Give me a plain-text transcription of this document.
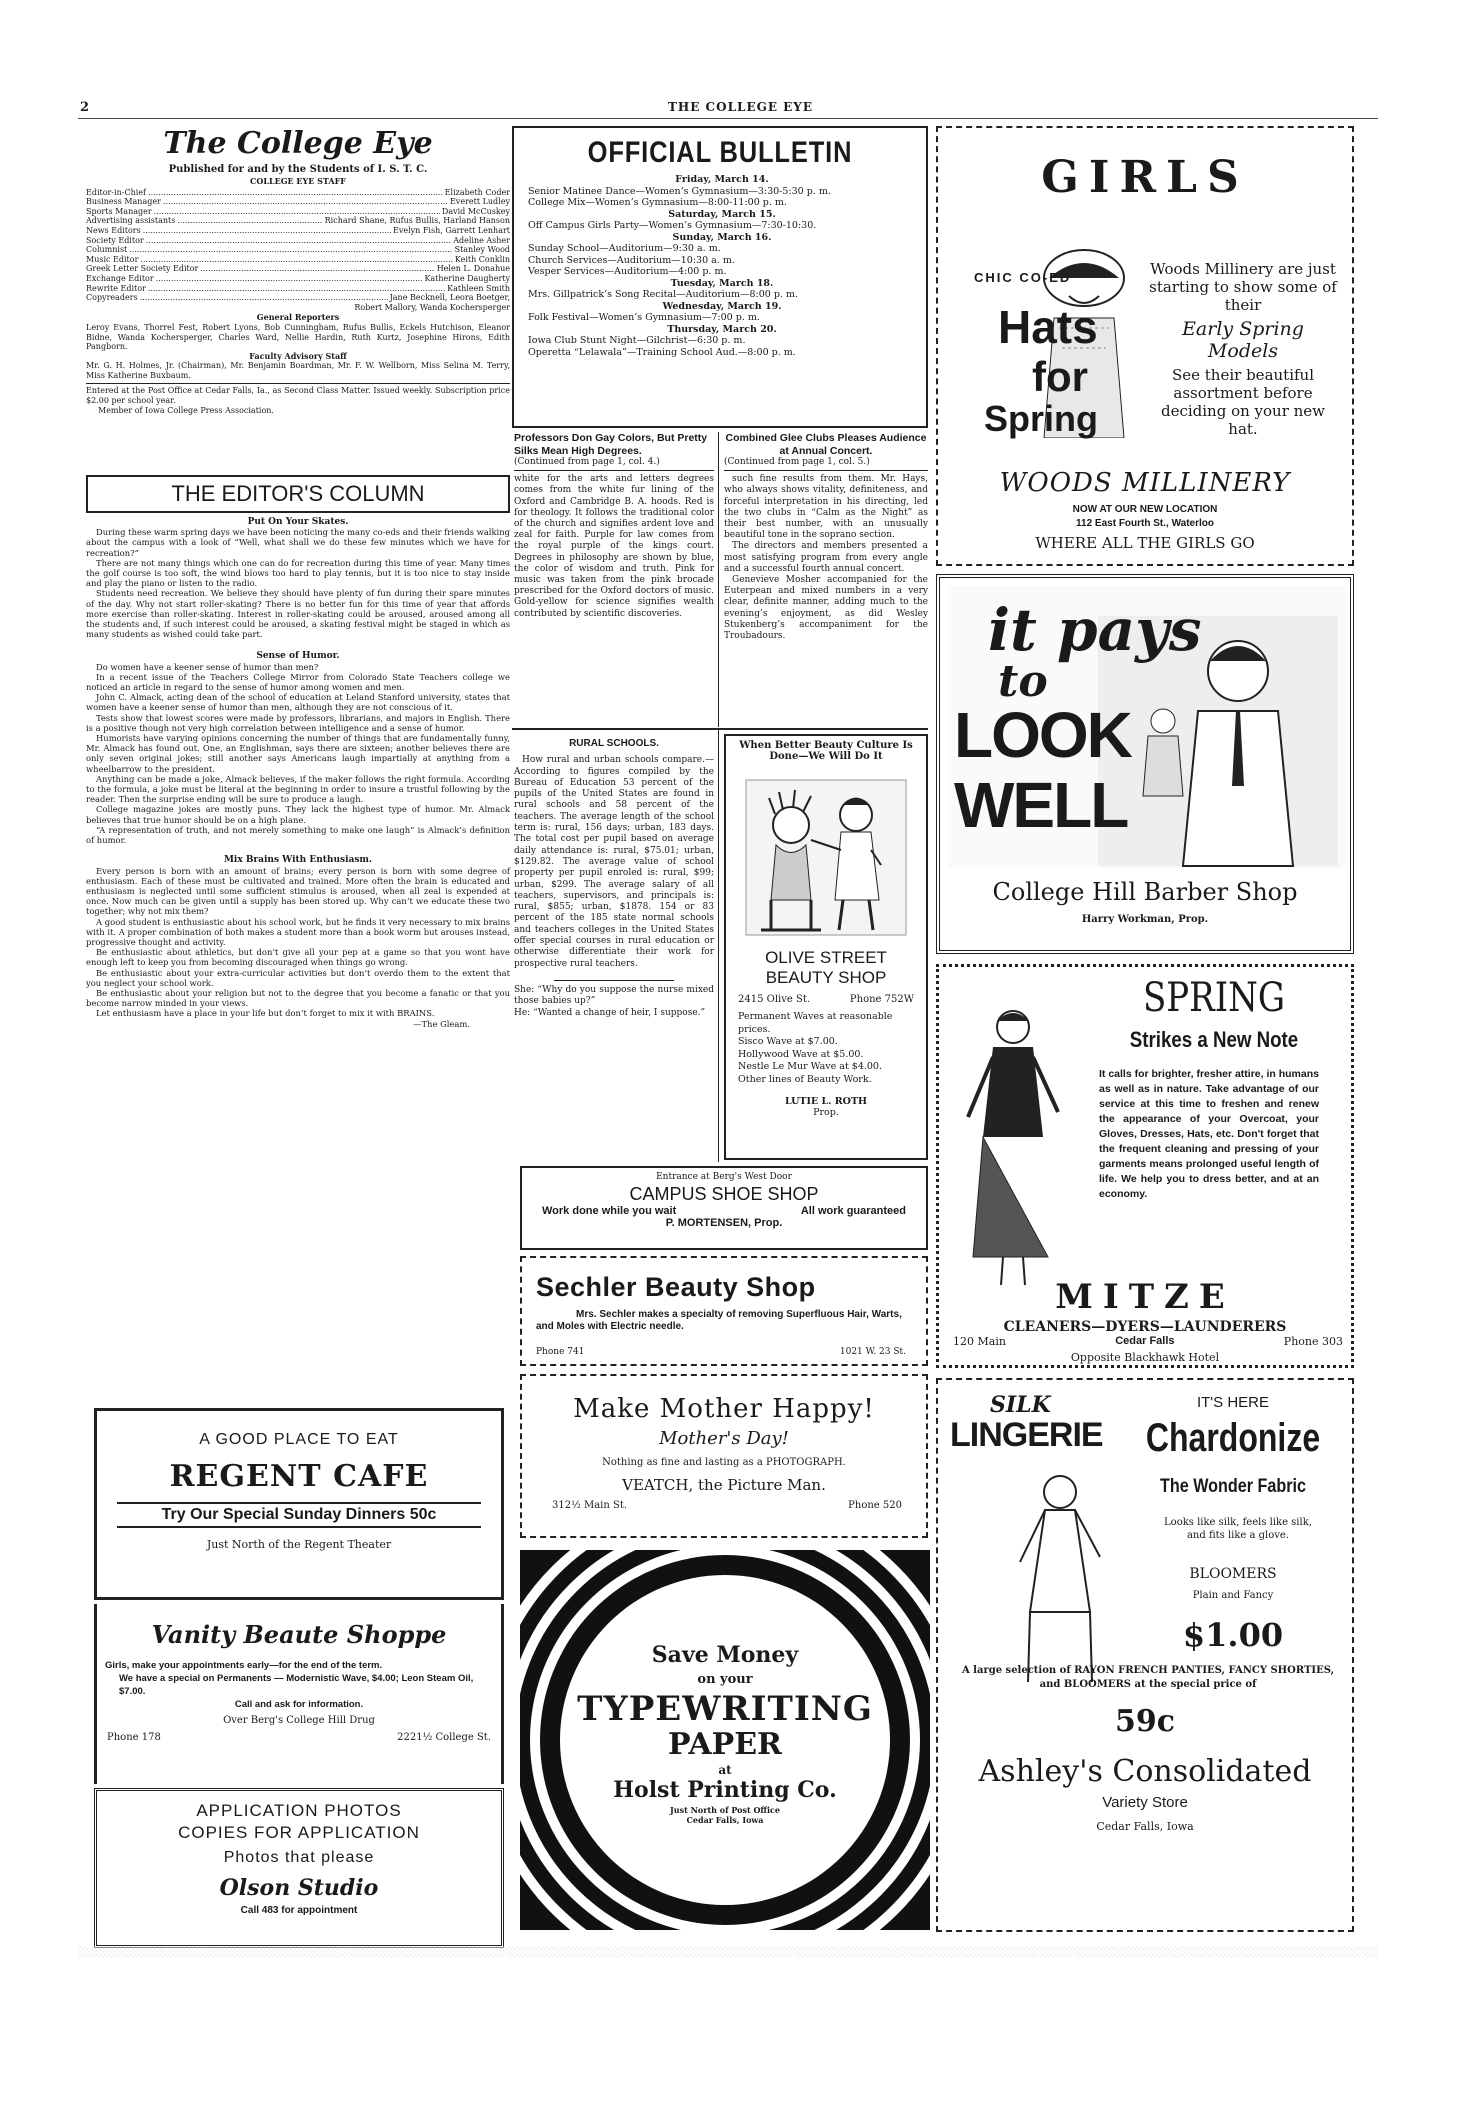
2	THE COLLEGE EYE
The College Eye
Published for and by the Students of I. S. T. C.
COLLEGE EYE STAFF
Editor-in-Chief .....	Elizabeth Coder
Business Manager .....	Everett Ludley
Sports Manager .....	David McCuskey
Advertising assistants .....	Richard Shane, Rufus Bullis, Harland Hanson
News Editors .....	Evelyn Fish, Garrett Lenhart
Society Editor .....	Adeline Asher
Columnist .....	Stanley Wood
Music Editor .....	Keith Conklin
Greek Letter Society Editor .....	Helen L. Donahue
Exchange Editor .....	Katherine Daugherty
Rewrite Editor .....	Kathleen Smith
Copyreaders .....	Jane Becknell, Leora Boetger,
Robert Mallory, Wanda Kochersperger
General Reporters
Leroy Evans, Thorrel Fest, Robert Lyons, Bob Cunningham, Rufus Bullis, Eckels Hutchison, Eleanor Bidne, Wanda Kochersperger, Charles Ward, Nellie Hardin, Ruth Kurtz, Josephine Hirons, Edith Pangborn.
Faculty Advisory Staff
Mr. G. H. Holmes, Jr. (Chairman), Mr. Benjamin Boardman, Mr. F. W. Wellborn, Miss Selina M. Terry, Miss Katherine Buxbaum.
Entered at the Post Office at Cedar Falls, Ia., as Second Class Matter. Issued weekly. Subscription price $2.00 per school year.
Member of Iowa College Press Association.
THE EDITOR'S COLUMN
Put On Your Skates.

During these warm spring days we have been noticing the many co-eds and their friends walking about the campus with a look of “Well, what shall we do these few minutes which we have for recreation?”

There are not many things which one can do for recreation during this time of year. Many times the golf course is too soft, the wind blows too hard to play tennis, but it is too nice to stay inside and play the piano or listen to the radio.

Students need recreation. We believe they should have plenty of fun during their spare minutes of the day. Why not start roller-skating? There is no better fun for this time of year that affords more exercise than roller-skating. Interest in roller-skating could be aroused, aroused among all the students and, if such interest could be aroused, a skating festival might be staged in which as many students as wished could take part.

Sense of Humor.

Do women have a keener sense of humor than men?

In a recent issue of the Teachers College Mirror from Colorado State Teachers college we noticed an article in regard to the sense of humor among women and men.

John C. Almack, acting dean of the school of education at Leland Stanford university, states that women have a keener sense of humor than men, although they are not conscious of it.

Tests show that lowest scores were made by professors, librarians, and majors in English. There is a positive though not very high correlation between intelligence and a sense of humor.

Humorists have varying opinions concerning the number of things that are fundamentally funny, Mr. Almack has found out. One, an Englishman, says there are sixteen; another believes there are only seven original jokes; still another says Americans laugh impartially at anything from a wheelbarrow to the president.

Anything can be made a joke, Almack believes, if the maker follows the right formula. According to the formula, a joke must be literal at the beginning in order to insure a trustful following by the reader. Then the surprise ending will be sure to produce a laugh.

College magazine jokes are mostly puns. They lack the highest type of humor. Mr. Almack believes that true humor should be on a high plane.

“A representation of truth, and not merely something to make one laugh” is Almack’s definition of humor.

Mix Brains With Enthusiasm.

Every person is born with an amount of brains; every person is born with some degree of enthusiasm. Each of these must be cultivated and trained. More often the brain is educated and enthusiasm is neglected until some sufficient stimulus is aroused, when all zeal is expended at once. Now much can be given until a supply has been stored up. Why can’t we educate these two together; why not mix them?

A good student is enthusiastic about his school work, but he finds it very necessary to mix brains with it. A proper combination of both makes a student more than a book worm but arouses instead, progressive thought and activity.

Be enthusiastic about athletics, but don’t give all your pep at a game so that you wont have enough left to keep you from becoming discouraged when things go wrong.

Be enthusiastic about your extra-curricular activities but don’t overdo them to the extent that you neglect your school work.

Be enthusiastic about your religion but not to the degree that you become a fanatic or that you become narrow minded in your views.

Let enthusiasm have a place in your life but don’t forget to mix it with BRAINS.

—The Gleam.
A GOOD PLACE TO EAT
REGENT CAFE
Try Our Special Sunday Dinners 50c
Just North of the Regent Theater
Vanity Beaute Shoppe
Girls, make your appointments early—for the end of the term.
We have a special on Permanents — Modernistic Wave, $4.00; Leon Steam Oil, $7.00.
Call and ask for information.
Over Berg's College Hill Drug
Phone 178	2221½ College St.
APPLICATION PHOTOS
COPIES FOR APPLICATION
Photos that please
Olson Studio
Call 483 for appointment
OFFICIAL BULLETIN
Friday, March 14.
Senior Matinee Dance—Women’s Gymnasium—3:30-5:30 p. m.
College Mix—Women’s Gymnasium—8:00-11:00 p. m.
Saturday, March 15.
Off Campus Girls Party—Women’s Gymnasium—7:30-10:30.
Sunday, March 16.
Sunday School—Auditorium—9:30 a. m.
Church Services—Auditorium—10:30 a. m.
Vesper Services—Auditorium—4:00 p. m.
Tuesday, March 18.
Mrs. Gillpatrick’s Song Recital—Auditorium—8:00 p. m.
Wednesday, March 19.
Folk Festival—Women’s Gymnasium—7:00 p. m.
Thursday, March 20.
Iowa Club Stunt Night—Gilchrist—6:30 p. m.
Operetta “Lelawala”—Training School Aud.—8:00 p. m.
Professors Don Gay Colors, But Pretty Silks Mean High Degrees.
(Continued from page 1, col. 4.)

white for the arts and letters degrees comes from the white fur lining of the Oxford and Cambridge B. A. hoods. Red is for theology. It follows the traditional color of the church and signifies ardent love and zeal for faith. Purple for law comes from the royal purple of the kings court. Degrees in philosophy are shown by blue, the color of wisdom and truth. Pink for music was taken from the pink brocade prescribed for the Oxford doctors of music. Gold-yellow for science signifies wealth contributed by scientific discoveries.

Combined Glee Clubs Pleases Audience at Annual Concert.
(Continued from page 1, col. 5.)

such fine results from them. Mr. Hays, who always shows vitality, definiteness, and forceful interpretation in his directing, led the two clubs in “Calm as the Night” as their best number, with an unusually beautiful tone in the soprano section.

The directors and members presented a most satisfying program from every angle and a successful fourth annual concert.

Genevieve Mosher accompanied for the Euterpean and mixed numbers in a very clear, definite manner, adding much to the evening’s enjoyment, as did Wesley Stukenberg’s accompaniment for the Troubadours.

RURAL SCHOOLS.

How rural and urban schools compare.—According to figures compiled by the Bureau of Education 53 percent of the pupils of the United States are found in rural schools and 58 percent of the teachers. The average length of the school term is: rural, 156 days; urban, 183 days. The total cost per pupil based on average daily attendance is: rural, $75.01; urban, $129.82. The average value of school property per pupil enroled is: rural, $99; urban, $299. The average salary of all teachers, supervisors, and principals is: rural, $855; urban, $1878. 154 or 83 percent of the 185 state normal schools and teachers colleges in the United States offer special courses in rural education or otherwise differentiate their work for prospective rural teachers.

She: “Why do you suppose the nurse mixed those babies up?”

He: “Wanted a change of heir, I suppose.”

When Better Beauty Culture Is Done—We Will Do It
OLIVE STREET BEAUTY SHOP
2415 Olive St.	Phone 752W
Permanent Waves at reasonable prices.
Sisco Wave at $7.00.
Hollywood Wave at $5.00.
Nestle Le Mur Wave at $4.00.
Other lines of Beauty Work.
LUTIE L. ROTH
Prop.
Entrance at Berg's West Door
CAMPUS SHOE SHOP
Work done while you wait	All work guaranteed
P. MORTENSEN, Prop.
Sechler Beauty Shop
Mrs. Sechler makes a specialty of removing Superfluous Hair, Warts, and Moles with Electric needle.
Phone 741	1021 W. 23 St.
Make Mother Happy!
Mother's Day!
Nothing as fine and lasting as a PHOTOGRAPH.
VEATCH, the Picture Man.
312½ Main St.	Phone 520
Save Money
on your
TYPEWRITING
PAPER
at
Holst Printing Co.
Just North of Post Office
Cedar Falls, Iowa
GIRLS
CHIC CO-ED
Hats
for
Spring
Woods Millinery are just starting to show some of their
Early Spring Models
See their beautiful assortment before deciding on your new hat.
WOODS MILLINERY
NOW AT OUR NEW LOCATION
112 East Fourth St., Waterloo
WHERE ALL THE GIRLS GO
it pays
to
LOOK
WELL
College Hill Barber Shop
Harry Workman, Prop.
SPRING
Strikes a New Note
It calls for brighter, fresher attire, in humans as well as in nature. Take advantage of our service at this time to freshen and renew the appearance of your Overcoat, your Gloves, Dresses, Hats, etc. Don't forget that the frequent cleaning and pressing of your garments means prolonged useful length of life. We help you to dress better, and at an economy.
MITZE
CLEANERS—DYERS—LAUNDERERS
120 Main	Cedar Falls	Phone 303
Opposite Blackhawk Hotel
SILK
LINGERIE
IT'S HERE
Chardonize
The Wonder Fabric
Looks like silk, feels like silk, and fits like a glove.
BLOOMERS
Plain and Fancy
$1.00
A large selection of RAYON FRENCH PANTIES, FANCY SHORTIES, and BLOOMERS at the special price of
59c
Ashley's Consolidated
Variety Store
Cedar Falls, Iowa
